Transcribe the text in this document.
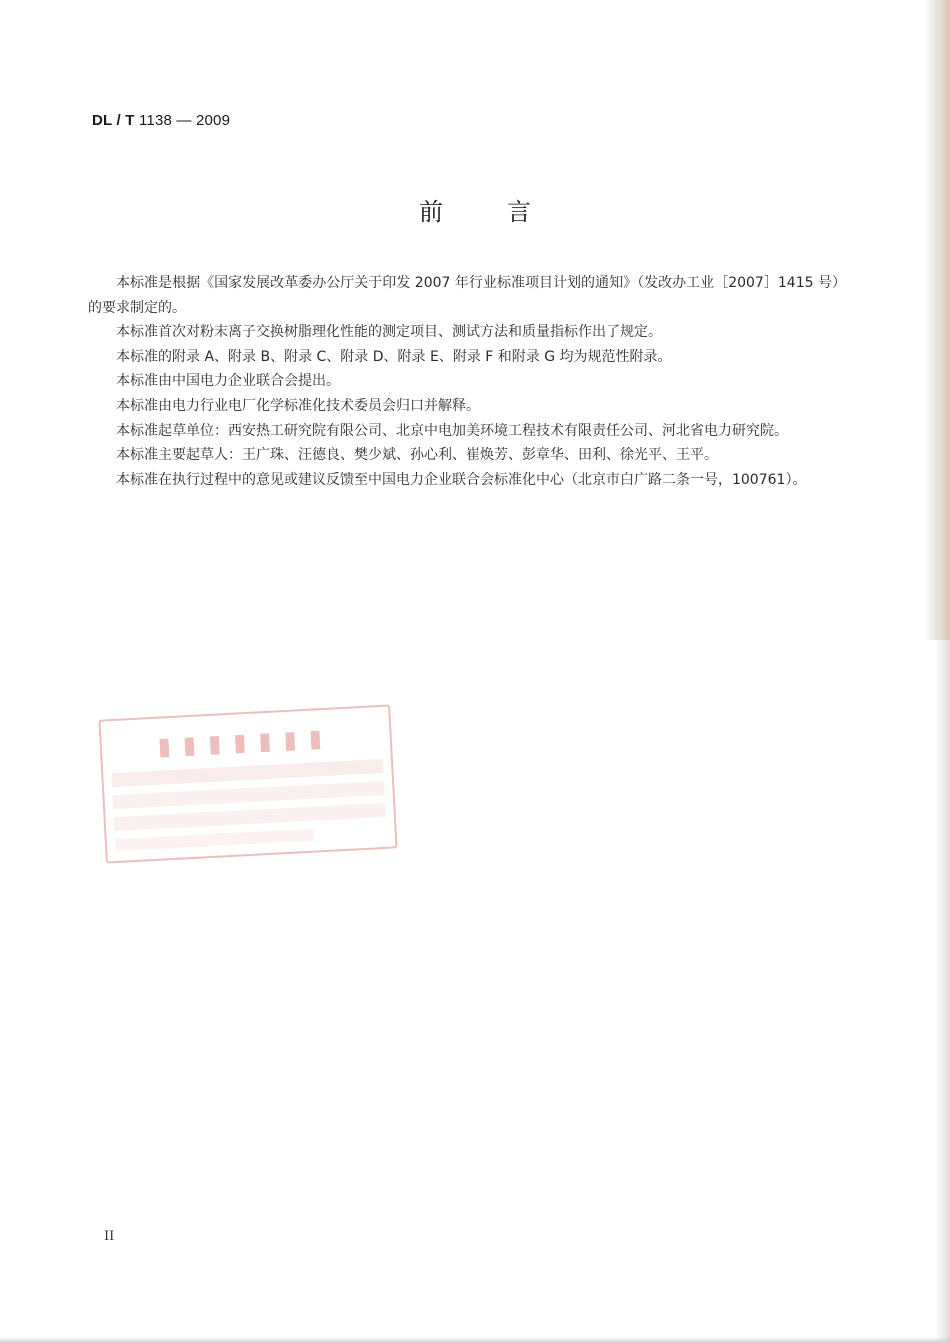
DL / T 1138 — 2009
前	言

本标准是根据《国家发展改革委办公厅关于印发 2007 年行业标准项目计划的通知》（发改办工业［2007］1415 号）的要求制定的。

本标准首次对粉末离子交换树脂理化性能的测定项目、测试方法和质量指标作出了规定。

本标准的附录 A、附录 B、附录 C、附录 D、附录 E、附录 F 和附录 G 均为规范性附录。

本标准由中国电力企业联合会提出。

本标准由电力行业电厂化学标准化技术委员会归口并解释。

本标准起草单位：西安热工研究院有限公司、北京中电加美环境工程技术有限责任公司、河北省电力研究院。

本标准主要起草人：王广珠、汪德良、樊少斌、孙心利、崔焕芳、彭章华、田利、徐光平、王平。

本标准在执行过程中的意见或建议反馈至中国电力企业联合会标准化中心（北京市白广路二条一号，100761）。

▮▮▮▮▮▮▮
II
